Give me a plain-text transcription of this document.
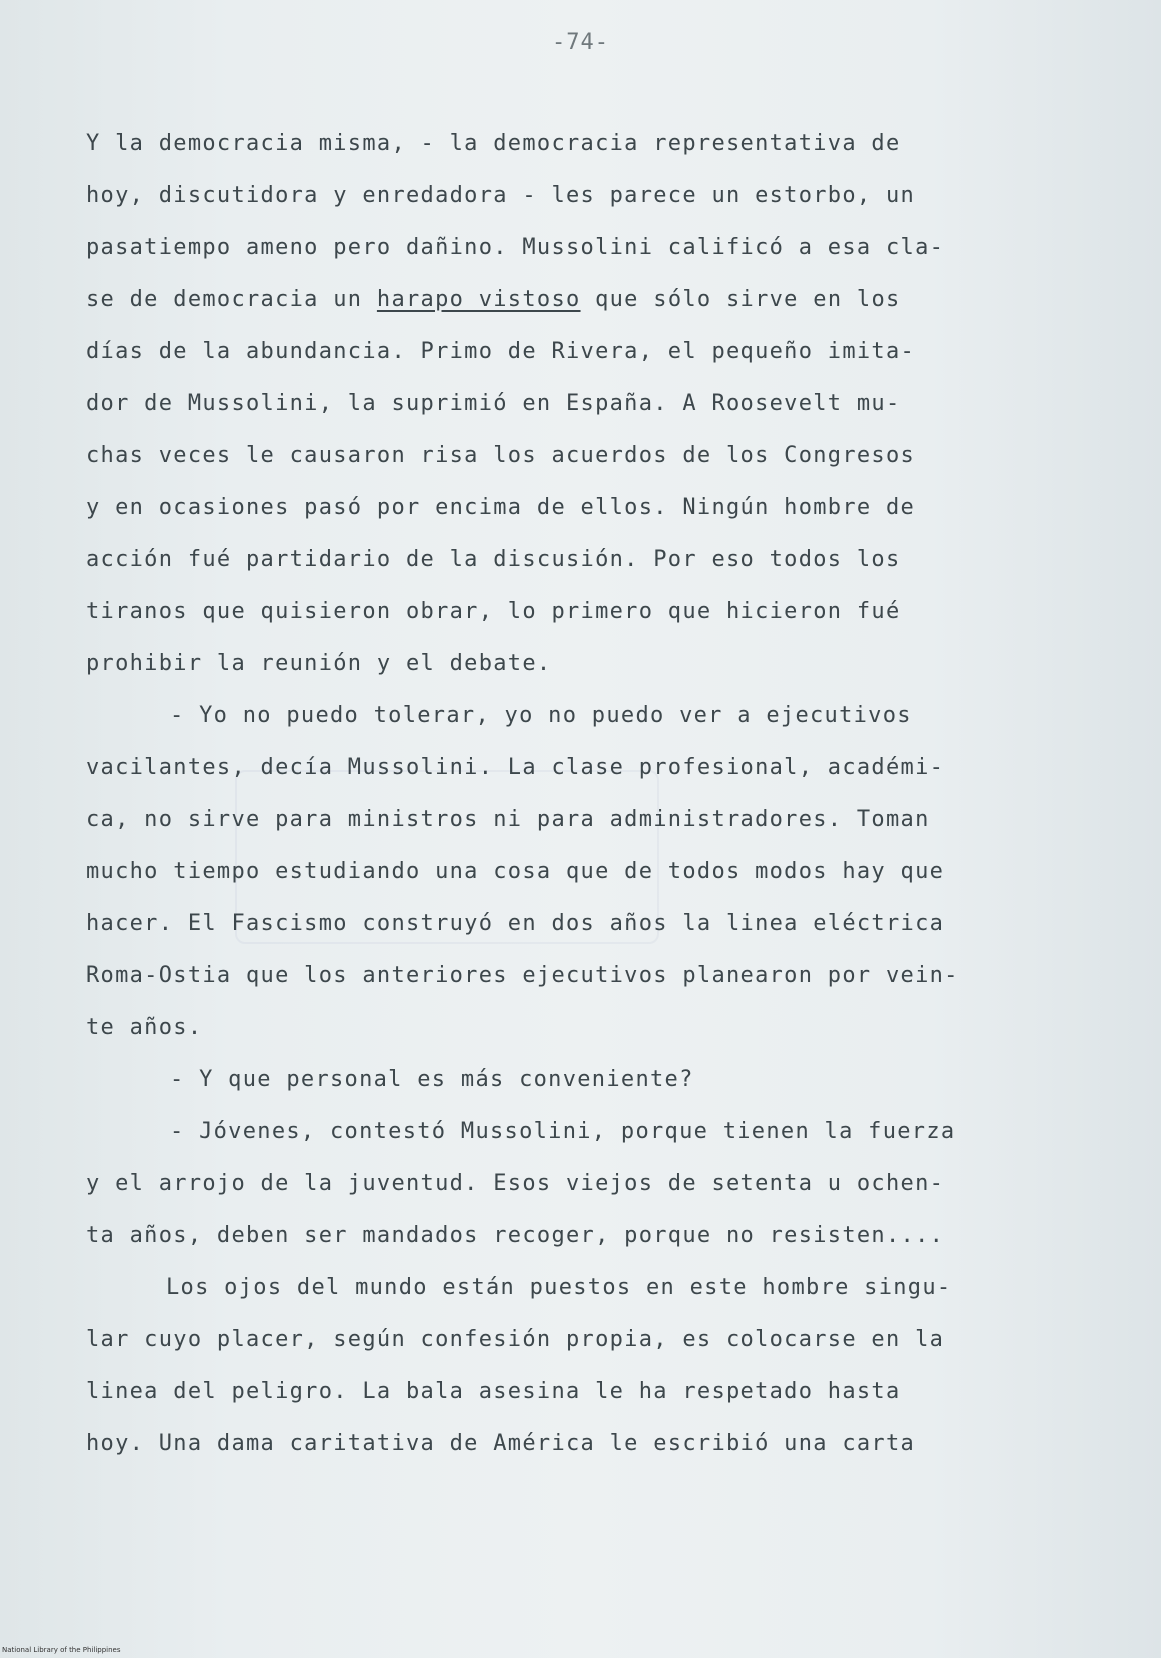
-74-
Y la democracia misma, - la democracia representativa de
hoy, discutidora y enredadora - les parece un estorbo, un
pasatiempo ameno pero dañino. Mussolini calificó a esa cla-
se de democracia un harapo vistoso que sólo sirve en los
días de la abundancia. Primo de Rivera, el pequeño imita-
dor de Mussolini, la suprimió en España. A Roosevelt mu-
chas veces le causaron risa los acuerdos de los Congresos
y en ocasiones pasó por encima de ellos. Ningún hombre de
acción fué partidario de la discusión. Por eso todos los
tiranos que quisieron obrar, lo primero que hicieron fué
prohibir la reunión y el debate.
- Yo no puedo tolerar, yo no puedo ver a ejecutivos
vacilantes, decía Mussolini. La clase profesional, académi-
ca, no sirve para ministros ni para administradores. Toman
mucho tiempo estudiando una cosa que de todos modos hay que
hacer. El Fascismo construyó en dos años la linea eléctrica
Roma-Ostia que los anteriores ejecutivos planearon por vein-
te años.
- Y que personal es más conveniente?
- Jóvenes, contestó Mussolini, porque tienen la fuerza
y el arrojo de la juventud. Esos viejos de setenta u ochen-
ta años, deben ser mandados recoger, porque no resisten....
Los ojos del mundo están puestos en este hombre singu-
lar cuyo placer, según confesión propia, es colocarse en la
linea del peligro. La bala asesina le ha respetado hasta
hoy. Una dama caritativa de América le escribió una carta
National Library of the Philippines
